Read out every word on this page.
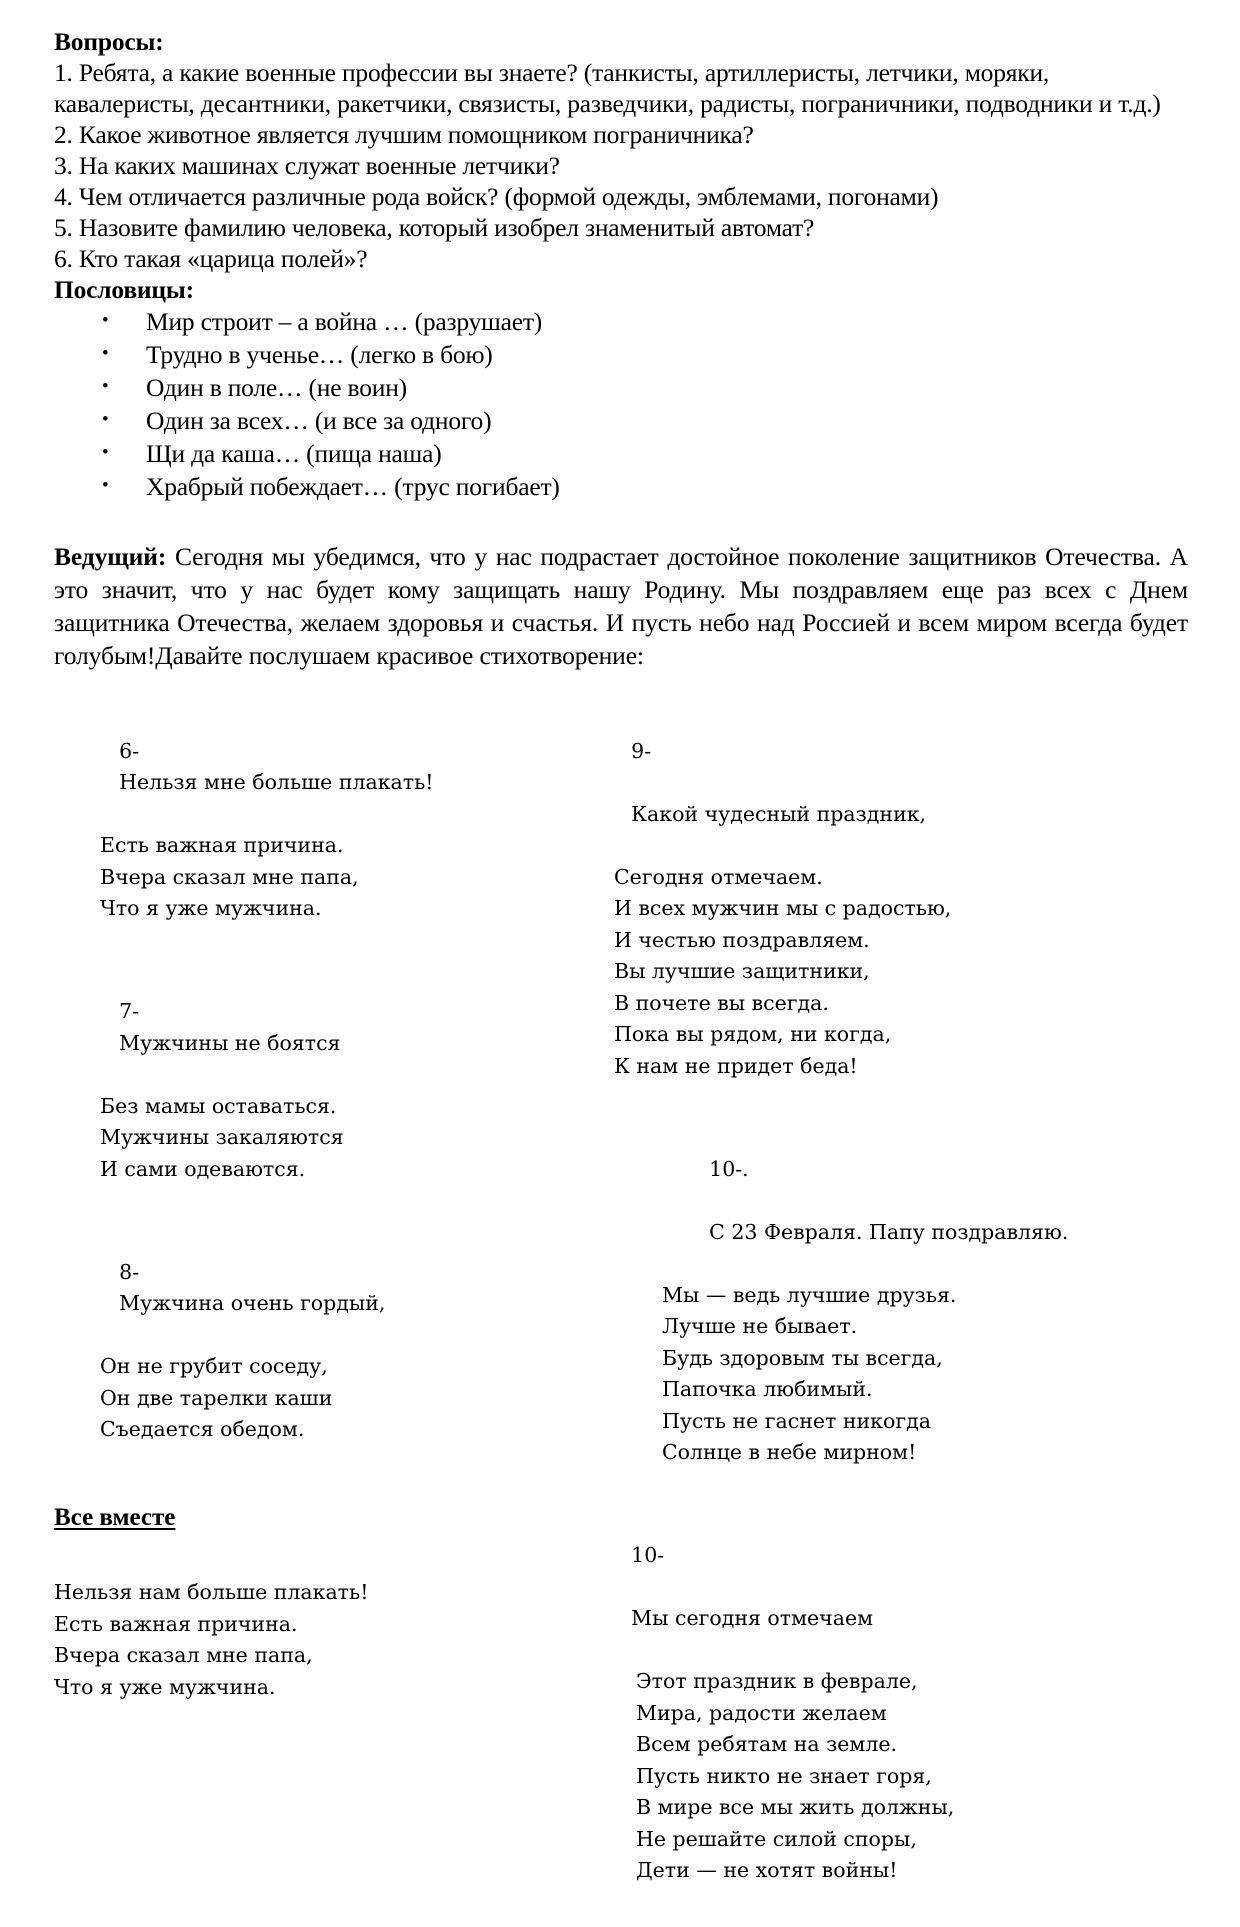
Вопросы:
1. Ребята, а какие военные профессии вы знаете? (танкисты, артиллеристы, летчики, моряки, кавалеристы, десантники, ракетчики, связисты, разведчики, радисты, пограничники, подводники и т.д.)
2. Какое животное является лучшим помощником пограничника?
3. На каких машинах служат военные летчики?
4. Чем отличается различные рода войск? (формой одежды, эмблемами, погонами)
5. Назовите фамилию человека, который изобрел знаменитый автомат?
6. Кто такая «царица полей»?
Пословицы:
• Мир строит – а война … (разрушает)
• Трудно в ученье… (легко в бою)
• Один в поле… (не воин)
• Один за всех… (и все за одного)
• Щи да каша… (пища наша)
• Храбрый побеждает… (трус погибает)
Ведущий: Сегодня мы убедимся, что у нас подрастает достойное поколение защитников Отечества. А это значит, что у нас будет кому защищать нашу Родину. Мы поздравляем еще раз всех с Днем защитника Отечества, желаем здоровья и счастья. И пусть небо над Россией и всем миром всегда будет голубым!Давайте послушаем красивое стихотворение:

6-
Нельзя мне больше плакать!

Есть важная причина.
Вчера сказал мне папа,
Что я уже мужчина.

7-
Мужчины не боятся

Без мамы оставаться.
Мужчины закаляются
И сами одеваются.

8-
Мужчина очень гордый,

Он не грубит соседу,
Он две тарелки каши
Съедается обедом.
Все вместе
Нельзя нам больше плакать!
Есть важная причина.
Вчера сказал мне папа,
Что я уже мужчина.

9-

Какой чудесный праздник,

Сегодня отмечаем.
И всех мужчин мы с радостью,
И честью поздравляем.
Вы лучшие защитники,
В почете вы всегда.
Пока вы рядом, ни когда,
К нам не придет беда!

10-.

С 23 Февраля. Папу поздравляю.

Мы — ведь лучшие друзья.
Лучше не бывает.
Будь здоровым ты всегда,
Папочка любимый.
Пусть не гаснет никогда
Солнце в небе мирном!

10-

Мы сегодня отмечаем

Этот праздник в феврале,
Мира, радости желаем
Всем ребятам на земле.
Пусть никто не знает горя,
В мире все мы жить должны,
Не решайте силой споры,
Дети — не хотят войны!
